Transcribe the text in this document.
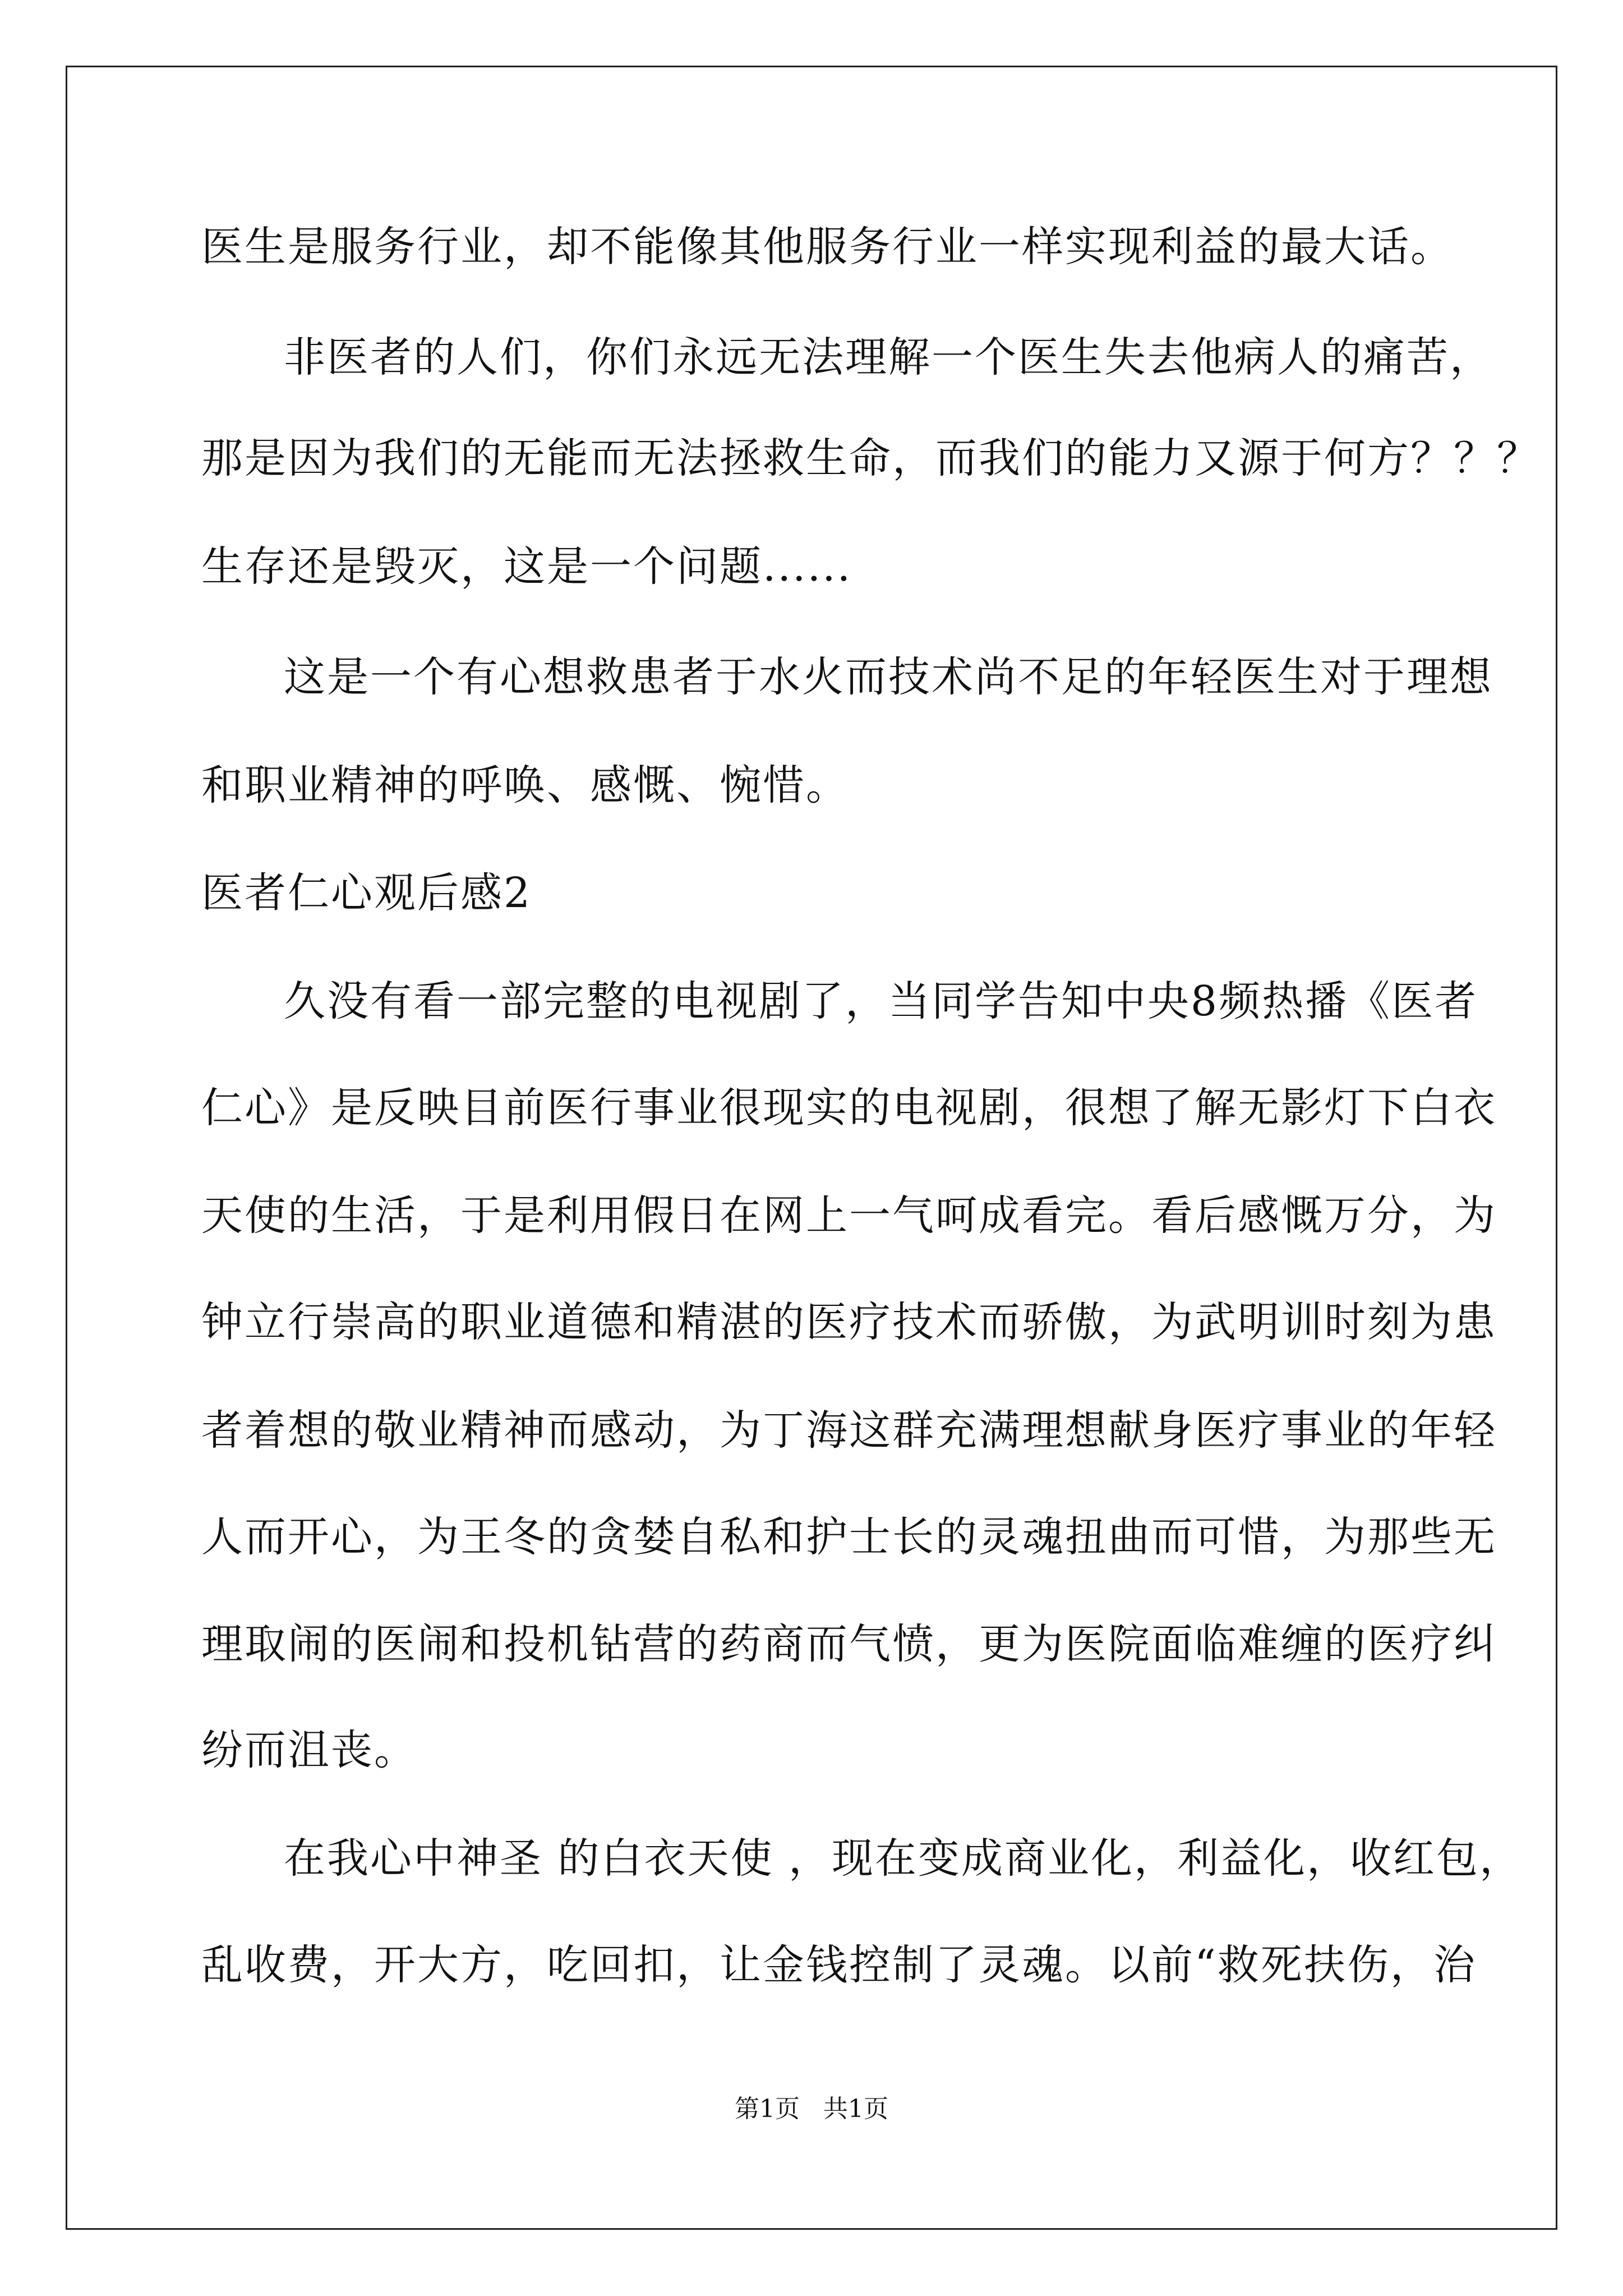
医生是服务行业，却不能像其他服务行业一样实现利益的最大话。
非医者的人们，你们永远无法理解一个医生失去他病人的痛苦，
那是因为我们的无能而无法拯救生命，而我们的能力又源于何方？？？
生存还是毁灭，这是一个问题......
这是一个有心想救患者于水火而技术尚不足的年轻医生对于理想
和职业精神的呼唤、感慨、惋惜。
医者仁心观后感2
久没有看一部完整的电视剧了，当同学告知中央8频热播《医者
仁心》是反映目前医行事业很现实的电视剧，很想了解无影灯下白衣
天使的生活，于是利用假日在网上一气呵成看完。看后感慨万分，为
钟立行崇高的职业道德和精湛的医疗技术而骄傲，为武明训时刻为患
者着想的敬业精神而感动，为丁海这群充满理想献身医疗事业的年轻
人而开心，为王冬的贪婪自私和护士长的灵魂扭曲而可惜，为那些无
理取闹的医闹和投机钻营的药商而气愤，更为医院面临难缠的医疗纠
纷而沮丧。
在我心中神圣 的白衣天使 ，现在变成商业化，利益化，收红包，
乱收费，开大方，吃回扣，让金钱控制了灵魂。以前“救死扶伤，治
第1页   共1页
